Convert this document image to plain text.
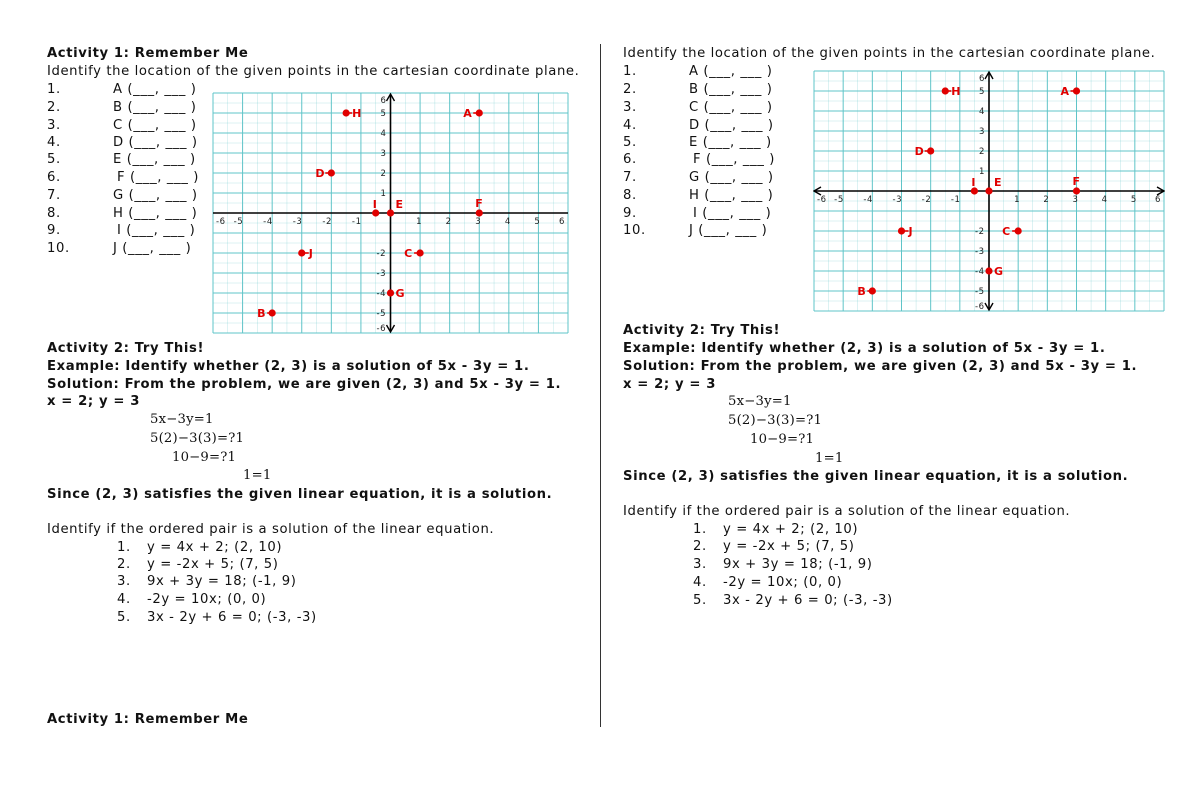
Activity 1: Remember Me
Identify the location of the given points in the cartesian coordinate plane.
1.	A (___, ___ )
2.	B (___, ___ )
3.	C (___, ___ )
4.	D (___, ___ )
5.	E (___, ___ )
6.	F (___, ___ )
7.	G (___, ___ )
8.	H (___, ___ )
9.	I (___, ___ )
10.	J (___, ___ )
-6 -5 -4 -3 -2 -1	1	2	3	4	5 6
6
5
4
3
2
1
-2
-3
-4
-5
-6
A
B
C
D
E	F
G
H
I
J
Activity 2: Try This!
Example: Identify whether (2, 3) is a solution of 5x - 3y = 1.
Solution: From the problem, we are given (2, 3) and 5x - 3y = 1.
x = 2; y = 3
5x−3y=1
5(2)−3(3)=?1
10−9=?1
1=1
Since (2, 3) satisfies the given linear equation, it is a solution.
Identify if the ordered pair is a solution of the linear equation.
1. y = 4x + 2; (2, 10)
2. y = -2x + 5; (7, 5)
3. 9x + 3y = 18; (-1, 9)
4. -2y = 10x; (0, 0)
5. 3x - 2y + 6 = 0; (-3, -3)
Activity 1: Remember Me
Identify the location of the given points in the cartesian coordinate plane.
1.	A (___, ___ )
2.	B (___, ___ )
3.	C (___, ___ )
4.	D (___, ___ )
5.	E (___, ___ )
6.	F (___, ___ )
7.	G (___, ___ )
8.	H (___, ___ )
9.	I (___, ___ )
10.	J (___, ___ )
-6 -5 -4 -3 -2 -1	1	2	3	4	5 6
6
5
4
3
2
1
-2
-3
-4
-5
-6
A
B
C
D
E	F
G
H
I
J
Activity 2: Try This!
Example: Identify whether (2, 3) is a solution of 5x - 3y = 1.
Solution: From the problem, we are given (2, 3) and 5x - 3y = 1.
x = 2; y = 3
5x−3y=1
5(2)−3(3)=?1
10−9=?1
1=1
Since (2, 3) satisfies the given linear equation, it is a solution.
Identify if the ordered pair is a solution of the linear equation.
1. y = 4x + 2; (2, 10)
2. y = -2x + 5; (7, 5)
3. 9x + 3y = 18; (-1, 9)
4. -2y = 10x; (0, 0)
5. 3x - 2y + 6 = 0; (-3, -3)
